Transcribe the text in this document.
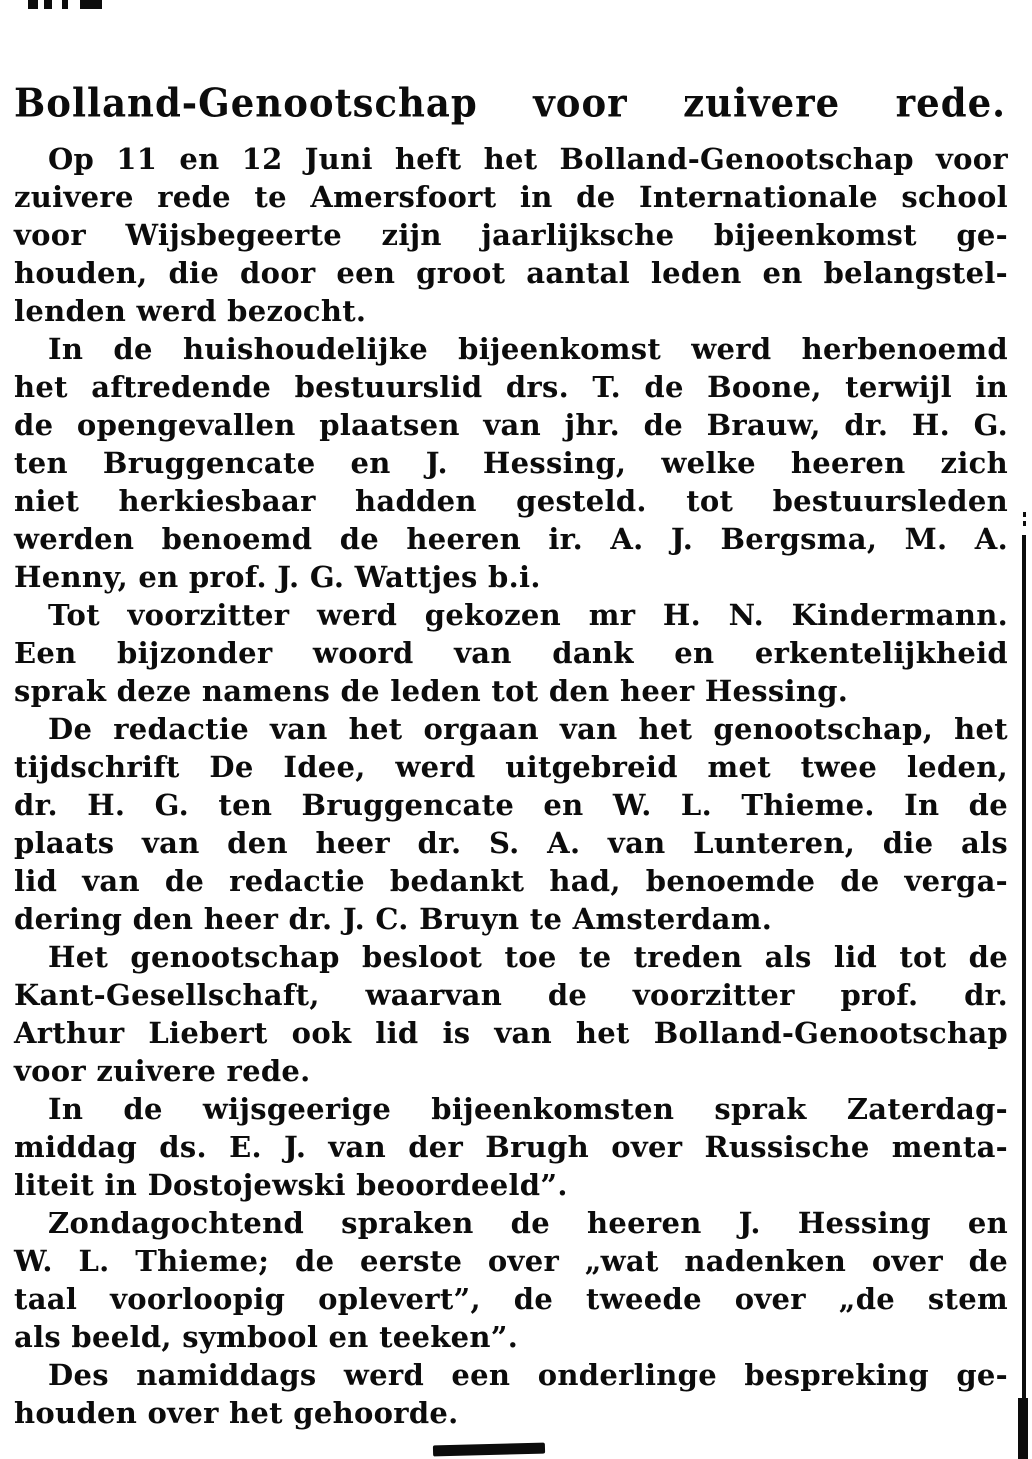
Bolland-Genootschap voor zuivere rede.
Op 11 en 12 Juni heft het Bolland-Genootschap voor
zuivere rede te Amersfoort in de Internationale school
voor Wijsbegeerte zijn jaarlijksche bijeenkomst ge-
houden, die door een groot aantal leden en belangstel-
lenden werd bezocht.
In de huishoudelijke bijeenkomst werd herbenoemd
het aftredende bestuurslid drs. T. de Boone, terwijl in
de opengevallen plaatsen van jhr. de Brauw, dr. H. G.
ten Bruggencate en J. Hessing, welke heeren zich
niet herkiesbaar hadden gesteld. tot bestuursleden
werden benoemd de heeren ir. A. J. Bergsma, M. A.
Henny, en prof. J. G. Wattjes b.i.
Tot voorzitter werd gekozen mr H. N. Kindermann.
Een bijzonder woord van dank en erkentelijkheid
sprak deze namens de leden tot den heer Hessing.
De redactie van het orgaan van het genootschap, het
tijdschrift De Idee, werd uitgebreid met twee leden,
dr. H. G. ten Bruggencate en W. L. Thieme. In de
plaats van den heer dr. S. A. van Lunteren, die als
lid van de redactie bedankt had, benoemde de verga-
dering den heer dr. J. C. Bruyn te Amsterdam.
Het genootschap besloot toe te treden als lid tot de
Kant-Gesellschaft, waarvan de voorzitter prof. dr.
Arthur Liebert ook lid is van het Bolland-Genootschap
voor zuivere rede.
In de wijsgeerige bijeenkomsten sprak Zaterdag-
middag ds. E. J. van der Brugh over Russische menta-
liteit in Dostojewski beoordeeld”.
Zondagochtend spraken de heeren J. Hessing en
W. L. Thieme; de eerste over „wat nadenken over de
taal voorloopig oplevert”, de tweede over „de stem
als beeld, symbool en teeken”.
Des namiddags werd een onderlinge bespreking ge-
houden over het gehoorde.
